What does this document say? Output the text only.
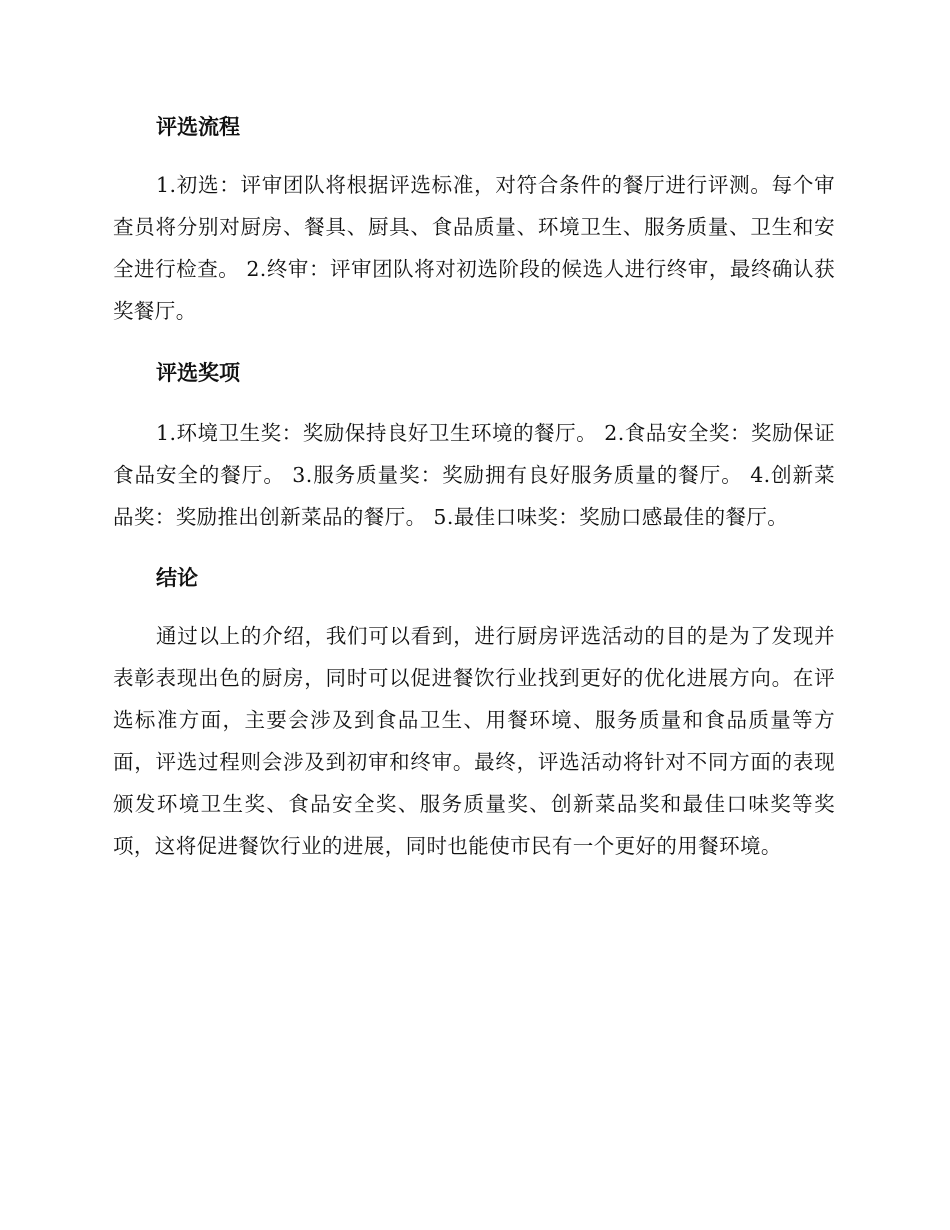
评选流程

1.初选：评审团队将根据评选标准，对符合条件的餐厅进行评测。每个审查员将分别对厨房、餐具、厨具、食品质量、环境卫生、服务质量、卫生和安全进行检查。 2.终审：评审团队将对初选阶段的候选人进行终审，最终确认获奖餐厅。

评选奖项

1.环境卫生奖：奖励保持良好卫生环境的餐厅。 2.食品安全奖：奖励保证食品安全的餐厅。 3.服务质量奖：奖励拥有良好服务质量的餐厅。 4.创新菜品奖：奖励推出创新菜品的餐厅。 5.最佳口味奖：奖励口感最佳的餐厅。

结论

通过以上的介绍，我们可以看到，进行厨房评选活动的目的是为了发现并表彰表现出色的厨房，同时可以促进餐饮行业找到更好的优化进展方向。在评选标准方面，主要会涉及到食品卫生、用餐环境、服务质量和食品质量等方面，评选过程则会涉及到初审和终审。最终，评选活动将针对不同方面的表现颁发环境卫生奖、食品安全奖、服务质量奖、创新菜品奖和最佳口味奖等奖项，这将促进餐饮行业的进展，同时也能使市民有一个更好的用餐环境。
